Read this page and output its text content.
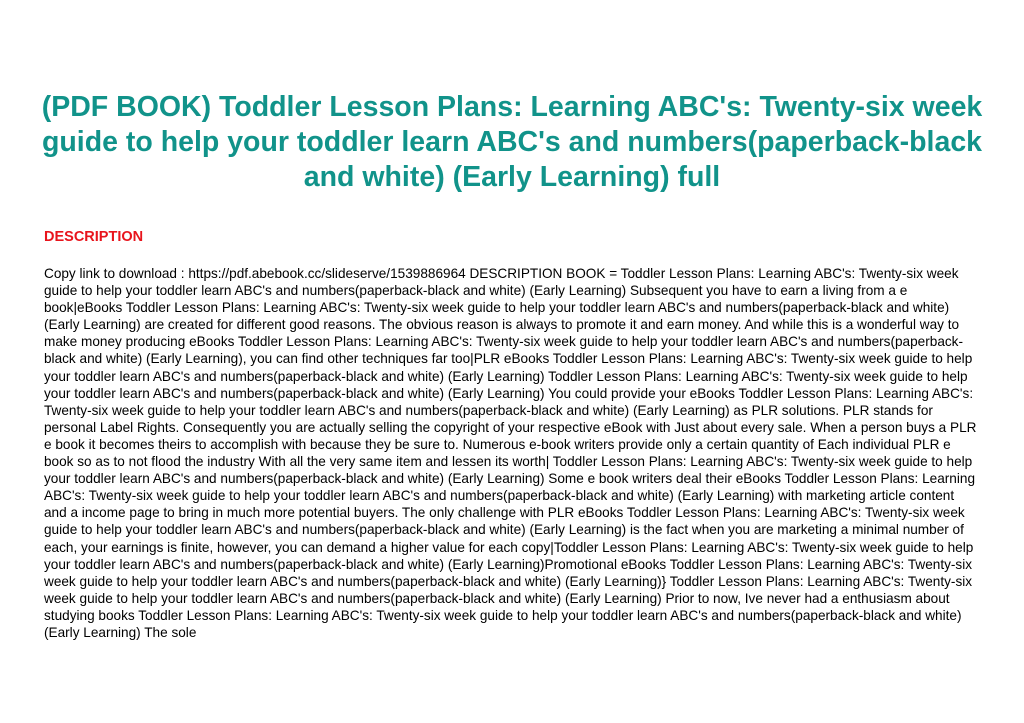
(PDF BOOK) Toddler Lesson Plans: Learning ABC's: Twenty-six week guide to help your toddler learn ABC's and numbers(paperback-black and white) (Early Learning) full
DESCRIPTION

Copy link to download : https://pdf.abebook.cc/slideserve/1539886964 DESCRIPTION BOOK = Toddler Lesson Plans: Learning ABC's: Twenty-six week guide to help your toddler learn ABC's and numbers(paperback-black and white) (Early Learning) Subsequent you have to earn a living from a e book|eBooks Toddler Lesson Plans: Learning ABC's: Twenty-six week guide to help your toddler learn ABC's and numbers(paperback-black and white) (Early Learning) are created for different good reasons. The obvious reason is always to promote it and earn money. And while this is a wonderful way to make money producing eBooks Toddler Lesson Plans: Learning ABC's: Twenty-six week guide to help your toddler learn ABC's and numbers(paperback-black and white) (Early Learning), you can find other techniques far too|PLR eBooks Toddler Lesson Plans: Learning ABC's: Twenty-six week guide to help your toddler learn ABC's and numbers(paperback-black and white) (Early Learning) Toddler Lesson Plans: Learning ABC's: Twenty-six week guide to help your toddler learn ABC's and numbers(paperback-black and white) (Early Learning) You could provide your eBooks Toddler Lesson Plans: Learning ABC's: Twenty-six week guide to help your toddler learn ABC's and numbers(paperback-black and white) (Early Learning) as PLR solutions. PLR stands for personal Label Rights. Consequently you are actually selling the copyright of your respective eBook with Just about every sale. When a person buys a PLR e book it becomes theirs to accomplish with because they be sure to. Numerous e-book writers provide only a certain quantity of Each individual PLR e book so as to not flood the industry With all the very same item and lessen its worth| Toddler Lesson Plans: Learning ABC's: Twenty-six week guide to help your toddler learn ABC's and numbers(paperback-black and white) (Early Learning) Some e book writers deal their eBooks Toddler Lesson Plans: Learning ABC's: Twenty-six week guide to help your toddler learn ABC's and numbers(paperback-black and white) (Early Learning) with marketing article content and a income page to bring in much more potential buyers. The only challenge with PLR eBooks Toddler Lesson Plans: Learning ABC's: Twenty-six week guide to help your toddler learn ABC's and numbers(paperback-black and white) (Early Learning) is the fact when you are marketing a minimal number of each, your earnings is finite, however, you can demand a higher value for each copy|Toddler Lesson Plans: Learning ABC's: Twenty-six week guide to help your toddler learn ABC's and numbers(paperback-black and white) (Early Learning)Promotional eBooks Toddler Lesson Plans: Learning ABC's: Twenty-six week guide to help your toddler learn ABC's and numbers(paperback-black and white) (Early Learning)} Toddler Lesson Plans: Learning ABC's: Twenty-six week guide to help your toddler learn ABC's and numbers(paperback-black and white) (Early Learning) Prior to now, Ive never had a enthusiasm about studying books Toddler Lesson Plans: Learning ABC's: Twenty-six week guide to help your toddler learn ABC's and numbers(paperback-black and white) (Early Learning) The sole
